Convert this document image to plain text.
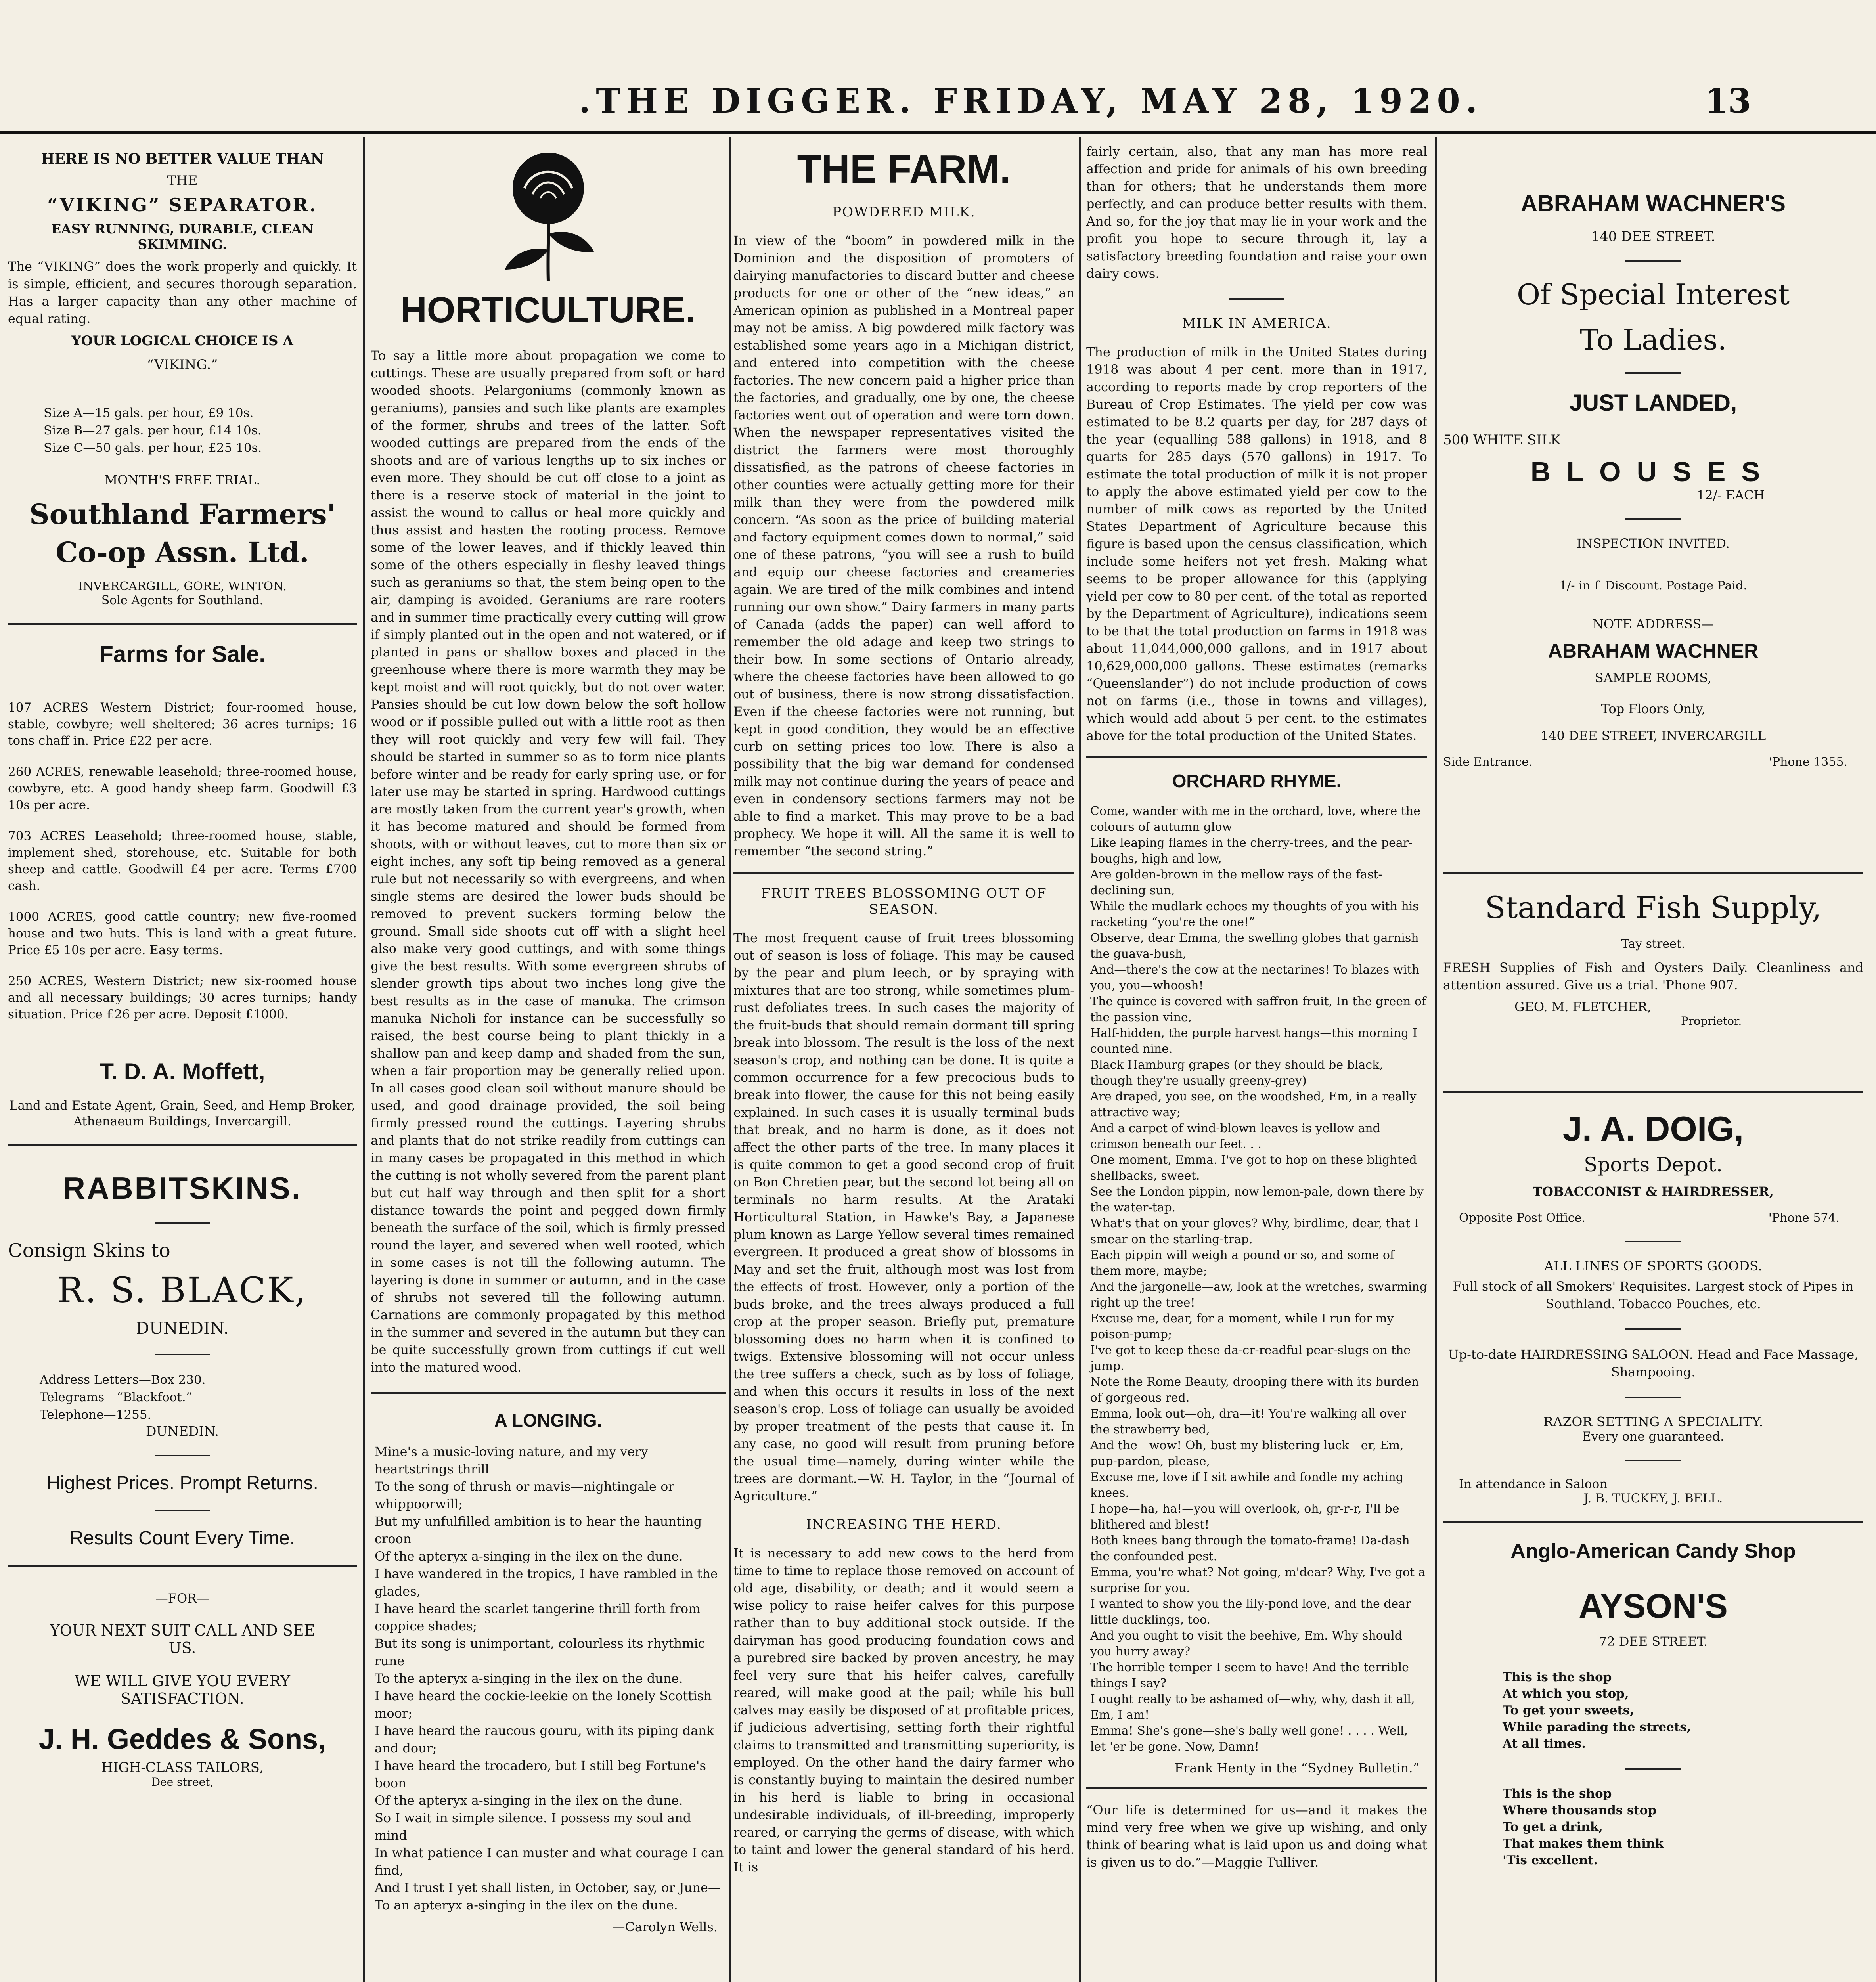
.THE DIGGER. FRIDAY, MAY 28, 1920.	13
HERE IS NO BETTER VALUE THAN
THE
“VIKING” SEPARATOR.
EASY RUNNING, DURABLE, CLEAN SKIMMING.

The “VIKING” does the work properly and quickly. It is simple, efficient, and secures thorough separation. Has a larger capacity than any other machine of equal rating.

YOUR LOGICAL CHOICE IS A
“VIKING.”
Size A—15 gals. per hour, £9 10s.
Size B—27 gals. per hour, £14 10s.
Size C—50 gals. per hour, £25 10s.
MONTH'S FREE TRIAL.
Southland Farmers' Co-op Assn. Ltd.
INVERCARGILL, GORE, WINTON.
Sole Agents for Southland.
Farms for Sale.
107 ACRES Western District; four-roomed house, stable, cowbyre; well sheltered; 36 acres turnips; 16 tons chaff in. Price £22 per acre.
260 ACRES, renewable leasehold; three-roomed house, cowbyre, etc. A good handy sheep farm. Goodwill £3 10s per acre.
703 ACRES Leasehold; three-roomed house, stable, implement shed, storehouse, etc. Suitable for both sheep and cattle. Goodwill £4 per acre. Terms £700 cash.
1000 ACRES, good cattle country; new five-roomed house and two huts. This is land with a great future. Price £5 10s per acre. Easy terms.
250 ACRES, Western District; new six-roomed house and all necessary buildings; 30 acres turnips; handy situation. Price £26 per acre. Deposit £1000.
T. D. A. Moffett,
Land and Estate Agent, Grain, Seed, and Hemp Broker,
Athenaeum Buildings, Invercargill.
RABBITSKINS.
Consign Skins to
R. S. BLACK,
DUNEDIN.
Address Letters—Box 230.
Telegrams—“Blackfoot.”
Telephone—1255.
DUNEDIN.
Highest Prices. Prompt Returns.
Results Count Every Time.
—FOR—
YOUR NEXT SUIT CALL AND SEE US.
WE WILL GIVE YOU EVERY SATISFACTION.
J. H. Geddes & Sons,
HIGH-CLASS TAILORS,
Dee street,
HORTICULTURE.

To say a little more about propagation we come to cuttings. These are usually prepared from soft or hard wooded shoots. Pelargoniums (commonly known as geraniums), pansies and such like plants are examples of the former, shrubs and trees of the latter. Soft wooded cuttings are prepared from the ends of the shoots and are of various lengths up to six inches or even more. They should be cut off close to a joint as there is a reserve stock of material in the joint to assist the wound to callus or heal more quickly and thus assist and hasten the rooting process. Remove some of the lower leaves, and if thickly leaved thin some of the others especially in fleshy leaved things such as geraniums so that, the stem being open to the air, damping is avoided. Geraniums are rare rooters and in summer time practically every cutting will grow if simply planted out in the open and not watered, or if planted in pans or shallow boxes and placed in the greenhouse where there is more warmth they may be kept moist and will root quickly, but do not over water. Pansies should be cut low down below the soft hollow wood or if possible pulled out with a little root as then they will root quickly and very few will fail. They should be started in summer so as to form nice plants before winter and be ready for early spring use, or for later use may be started in spring. Hardwood cuttings are mostly taken from the current year's growth, when it has become matured and should be formed from shoots, with or without leaves, cut to more than six or eight inches, any soft tip being removed as a general rule but not necessarily so with evergreens, and when single stems are desired the lower buds should be removed to prevent suckers forming below the ground. Small side shoots cut off with a slight heel also make very good cuttings, and with some things give the best results. With some evergreen shrubs of slender growth tips about two inches long give the best results as in the case of manuka. The crimson manuka Nicholi for instance can be successfully so raised, the best course being to plant thickly in a shallow pan and keep damp and shaded from the sun, when a fair proportion may be generally relied upon. In all cases good clean soil without manure should be used, and good drainage provided, the soil being firmly pressed round the cuttings. Layering shrubs and plants that do not strike readily from cuttings can in many cases be propagated in this method in which the cutting is not wholly severed from the parent plant but cut half way through and then split for a short distance towards the point and pegged down firmly beneath the surface of the soil, which is firmly pressed round the layer, and severed when well rooted, which in some cases is not till the following autumn. The layering is done in summer or autumn, and in the case of shrubs not severed till the following autumn. Carnations are commonly propagated by this method in the summer and severed in the autumn but they can be quite successfully grown from cuttings if cut well into the matured wood.

A LONGING.

Mine's a music-loving nature, and my very heartstrings thrill
To the song of thrush or mavis—nightingale or whippoorwill;
But my unfulfilled ambition is to hear the haunting croon
Of the apteryx a-singing in the ilex on the dune.
I have wandered in the tropics, I have rambled in the glades,
I have heard the scarlet tangerine thrill forth from coppice shades;
But its song is unimportant, colourless its rhythmic rune
To the apteryx a-singing in the ilex on the dune.
I have heard the cockie-leekie on the lonely Scottish moor;
I have heard the raucous gouru, with its piping dank and dour;
I have heard the trocadero, but I still beg Fortune's boon
Of the apteryx a-singing in the ilex on the dune.
So I wait in simple silence. I possess my soul and mind
In what patience I can muster and what courage I can find,
And I trust I yet shall listen, in October, say, or June—
To an apteryx a-singing in the ilex on the dune.

—Carolyn Wells.
THE FARM.
POWDERED MILK.

In view of the “boom” in powdered milk in the Dominion and the disposition of promoters of dairying manufactories to discard butter and cheese products for one or other of the “new ideas,” an American opinion as published in a Montreal paper may not be amiss. A big powdered milk factory was established some years ago in a Michigan district, and entered into competition with the cheese factories. The new concern paid a higher price than the factories, and gradually, one by one, the cheese factories went out of operation and were torn down. When the newspaper representatives visited the district the farmers were most thoroughly dissatisfied, as the patrons of cheese factories in other counties were actually getting more for their milk than they were from the powdered milk concern. “As soon as the price of building material and factory equipment comes down to normal,” said one of these patrons, “you will see a rush to build and equip our cheese factories and creameries again. We are tired of the milk combines and intend running our own show.” Dairy farmers in many parts of Canada (adds the paper) can well afford to remember the old adage and keep two strings to their bow. In some sections of Ontario already, where the cheese factories have been allowed to go out of business, there is now strong dissatisfaction. Even if the cheese factories were not running, but kept in good condition, they would be an effective curb on setting prices too low. There is also a possibility that the big war demand for condensed milk may not continue during the years of peace and even in condensory sections farmers may not be able to find a market. This may prove to be a bad prophecy. We hope it will. All the same it is well to remember “the second string.”

FRUIT TREES BLOSSOMING OUT OF SEASON.

The most frequent cause of fruit trees blossoming out of season is loss of foliage. This may be caused by the pear and plum leech, or by spraying with mixtures that are too strong, while sometimes plum-rust defoliates trees. In such cases the majority of the fruit-buds that should remain dormant till spring break into blossom. The result is the loss of the next season's crop, and nothing can be done. It is quite a common occurrence for a few precocious buds to break into flower, the cause for this not being easily explained. In such cases it is usually terminal buds that break, and no harm is done, as it does not affect the other parts of the tree. In many places it is quite common to get a good second crop of fruit on Bon Chretien pear, but the second lot being all on terminals no harm results. At the Arataki Horticultural Station, in Hawke's Bay, a Japanese plum known as Large Yellow several times remained evergreen. It produced a great show of blossoms in May and set the fruit, although most was lost from the effects of frost. However, only a portion of the buds broke, and the trees always produced a full crop at the proper season. Briefly put, premature blossoming does no harm when it is confined to twigs. Extensive blossoming will not occur unless the tree suffers a check, such as by loss of foliage, and when this occurs it results in loss of the next season's crop. Loss of foliage can usually be avoided by proper treatment of the pests that cause it. In any case, no good will result from pruning before the usual time—namely, during winter while the trees are dormant.—W. H. Taylor, in the “Journal of Agriculture.”

INCREASING THE HERD.

It is necessary to add new cows to the herd from time to time to replace those removed on account of old age, disability, or death; and it would seem a wise policy to raise heifer calves for this purpose rather than to buy additional stock outside. If the dairyman has good producing foundation cows and a purebred sire backed by proven ancestry, he may feel very sure that his heifer calves, carefully reared, will make good at the pail; while his bull calves may easily be disposed of at profitable prices, if judicious advertising, setting forth their rightful claims to transmitted and transmitting superiority, is employed. On the other hand the dairy farmer who is constantly buying to maintain the desired number in his herd is liable to bring in occasional undesirable individuals, of ill-breeding, improperly reared, or carrying the germs of disease, with which to taint and lower the general standard of his herd. It is

fairly certain, also, that any man has more real affection and pride for animals of his own breeding than for others; that he understands them more perfectly, and can produce better results with them. And so, for the joy that may lie in your work and the profit you hope to secure through it, lay a satisfactory breeding foundation and raise your own dairy cows.

MILK IN AMERICA.

The production of milk in the United States during 1918 was about 4 per cent. more than in 1917, according to reports made by crop reporters of the Bureau of Crop Estimates. The yield per cow was estimated to be 8.2 quarts per day, for 287 days of the year (equalling 588 gallons) in 1918, and 8 quarts for 285 days (570 gallons) in 1917. To estimate the total production of milk it is not proper to apply the above estimated yield per cow to the number of milk cows as reported by the United States Department of Agriculture because this figure is based upon the census classification, which include some heifers not yet fresh. Making what seems to be proper allowance for this (applying yield per cow to 80 per cent. of the total as reported by the Department of Agriculture), indications seem to be that the total production on farms in 1918 was about 11,044,000,000 gallons, and in 1917 about 10,629,000,000 gallons. These estimates (remarks “Queenslander”) do not include production of cows not on farms (i.e., those in towns and villages), which would add about 5 per cent. to the estimates above for the total production of the United States.

ORCHARD RHYME.

Come, wander with me in the orchard, love, where the colours of autumn glow
Like leaping flames in the cherry-trees, and the pear-boughs, high and low,
Are golden-brown in the mellow rays of the fast-declining sun,
While the mudlark echoes my thoughts of you with his racketing “you're the one!”
Observe, dear Emma, the swelling globes that garnish the guava-bush,
And—there's the cow at the nectarines! To blazes with you, you—whoosh!
The quince is covered with saffron fruit, In the green of the passion vine,
Half-hidden, the purple harvest hangs—this morning I counted nine.
Black Hamburg grapes (or they should be black, though they're usually greeny-grey)
Are draped, you see, on the woodshed, Em, in a really attractive way;
And a carpet of wind-blown leaves is yellow and crimson beneath our feet. . .
One moment, Emma. I've got to hop on these blighted shellbacks, sweet.
See the London pippin, now lemon-pale, down there by the water-tap.
What's that on your gloves? Why, birdlime, dear, that I smear on the starling-trap.
Each pippin will weigh a pound or so, and some of them more, maybe;
And the jargonelle—aw, look at the wretches, swarming right up the tree!
Excuse me, dear, for a moment, while I run for my poison-pump;
I've got to keep these da-cr-readful pear-slugs on the jump.
Note the Rome Beauty, drooping there with its burden of gorgeous red.
Emma, look out—oh, dra—it! You're walking all over the strawberry bed,
And the—wow! Oh, bust my blistering luck—er, Em, pup-pardon, please,
Excuse me, love if I sit awhile and fondle my aching knees.
I hope—ha, ha!—you will overlook, oh, gr-r-r, I'll be blithered and blest!
Both knees bang through the tomato-frame! Da-dash the confounded pest.
Emma, you're what? Not going, m'dear? Why, I've got a surprise for you.
I wanted to show you the lily-pond love, and the dear little ducklings, too.
And you ought to visit the beehive, Em. Why should you hurry away?
The horrible temper I seem to have! And the terrible things I say?
I ought really to be ashamed of—why, why, dash it all, Em, I am!
Emma! She's gone—she's bally well gone! . . . . Well, let 'er be gone. Now, Damn!

Frank Henty in the “Sydney Bulletin.”

“Our life is determined for us—and it makes the mind very free when we give up wishing, and only think of bearing what is laid upon us and doing what is given us to do.”—Maggie Tulliver.

ABRAHAM WACHNER'S
140 DEE STREET.
Of Special Interest
To Ladies.
JUST LANDED,
500 WHITE SILK
BLOUSES
12/- EACH
INSPECTION INVITED.
1/- in £ Discount. Postage Paid.
NOTE ADDRESS—
ABRAHAM WACHNER
SAMPLE ROOMS,
Top Floors Only,
140 DEE STREET, INVERCARGILL
Side Entrance.	'Phone 1355.
Standard Fish Supply,
Tay street.

FRESH Supplies of Fish and Oysters Daily. Cleanliness and attention assured. Give us a trial. 'Phone 907.

GEO. M. FLETCHER,
Proprietor.
J. A. DOIG,
Sports Depot.
TOBACCONIST & HAIRDRESSER,
Opposite Post Office.	'Phone 574.
ALL LINES OF SPORTS GOODS.

Full stock of all Smokers' Requisites. Largest stock of Pipes in Southland. Tobacco Pouches, etc.

Up-to-date HAIRDRESSING SALOON. Head and Face Massage, Shampooing.

RAZOR SETTING A SPECIALITY.
Every one guaranteed.
In attendance in Saloon—
J. B. TUCKEY, J. BELL.
Anglo-American Candy Shop
AYSON'S
72 DEE STREET.
This is the shop
At which you stop,
To get your sweets,
While parading the streets,
At all times.
This is the shop
Where thousands stop
To get a drink,
That makes them think
'Tis excellent.
